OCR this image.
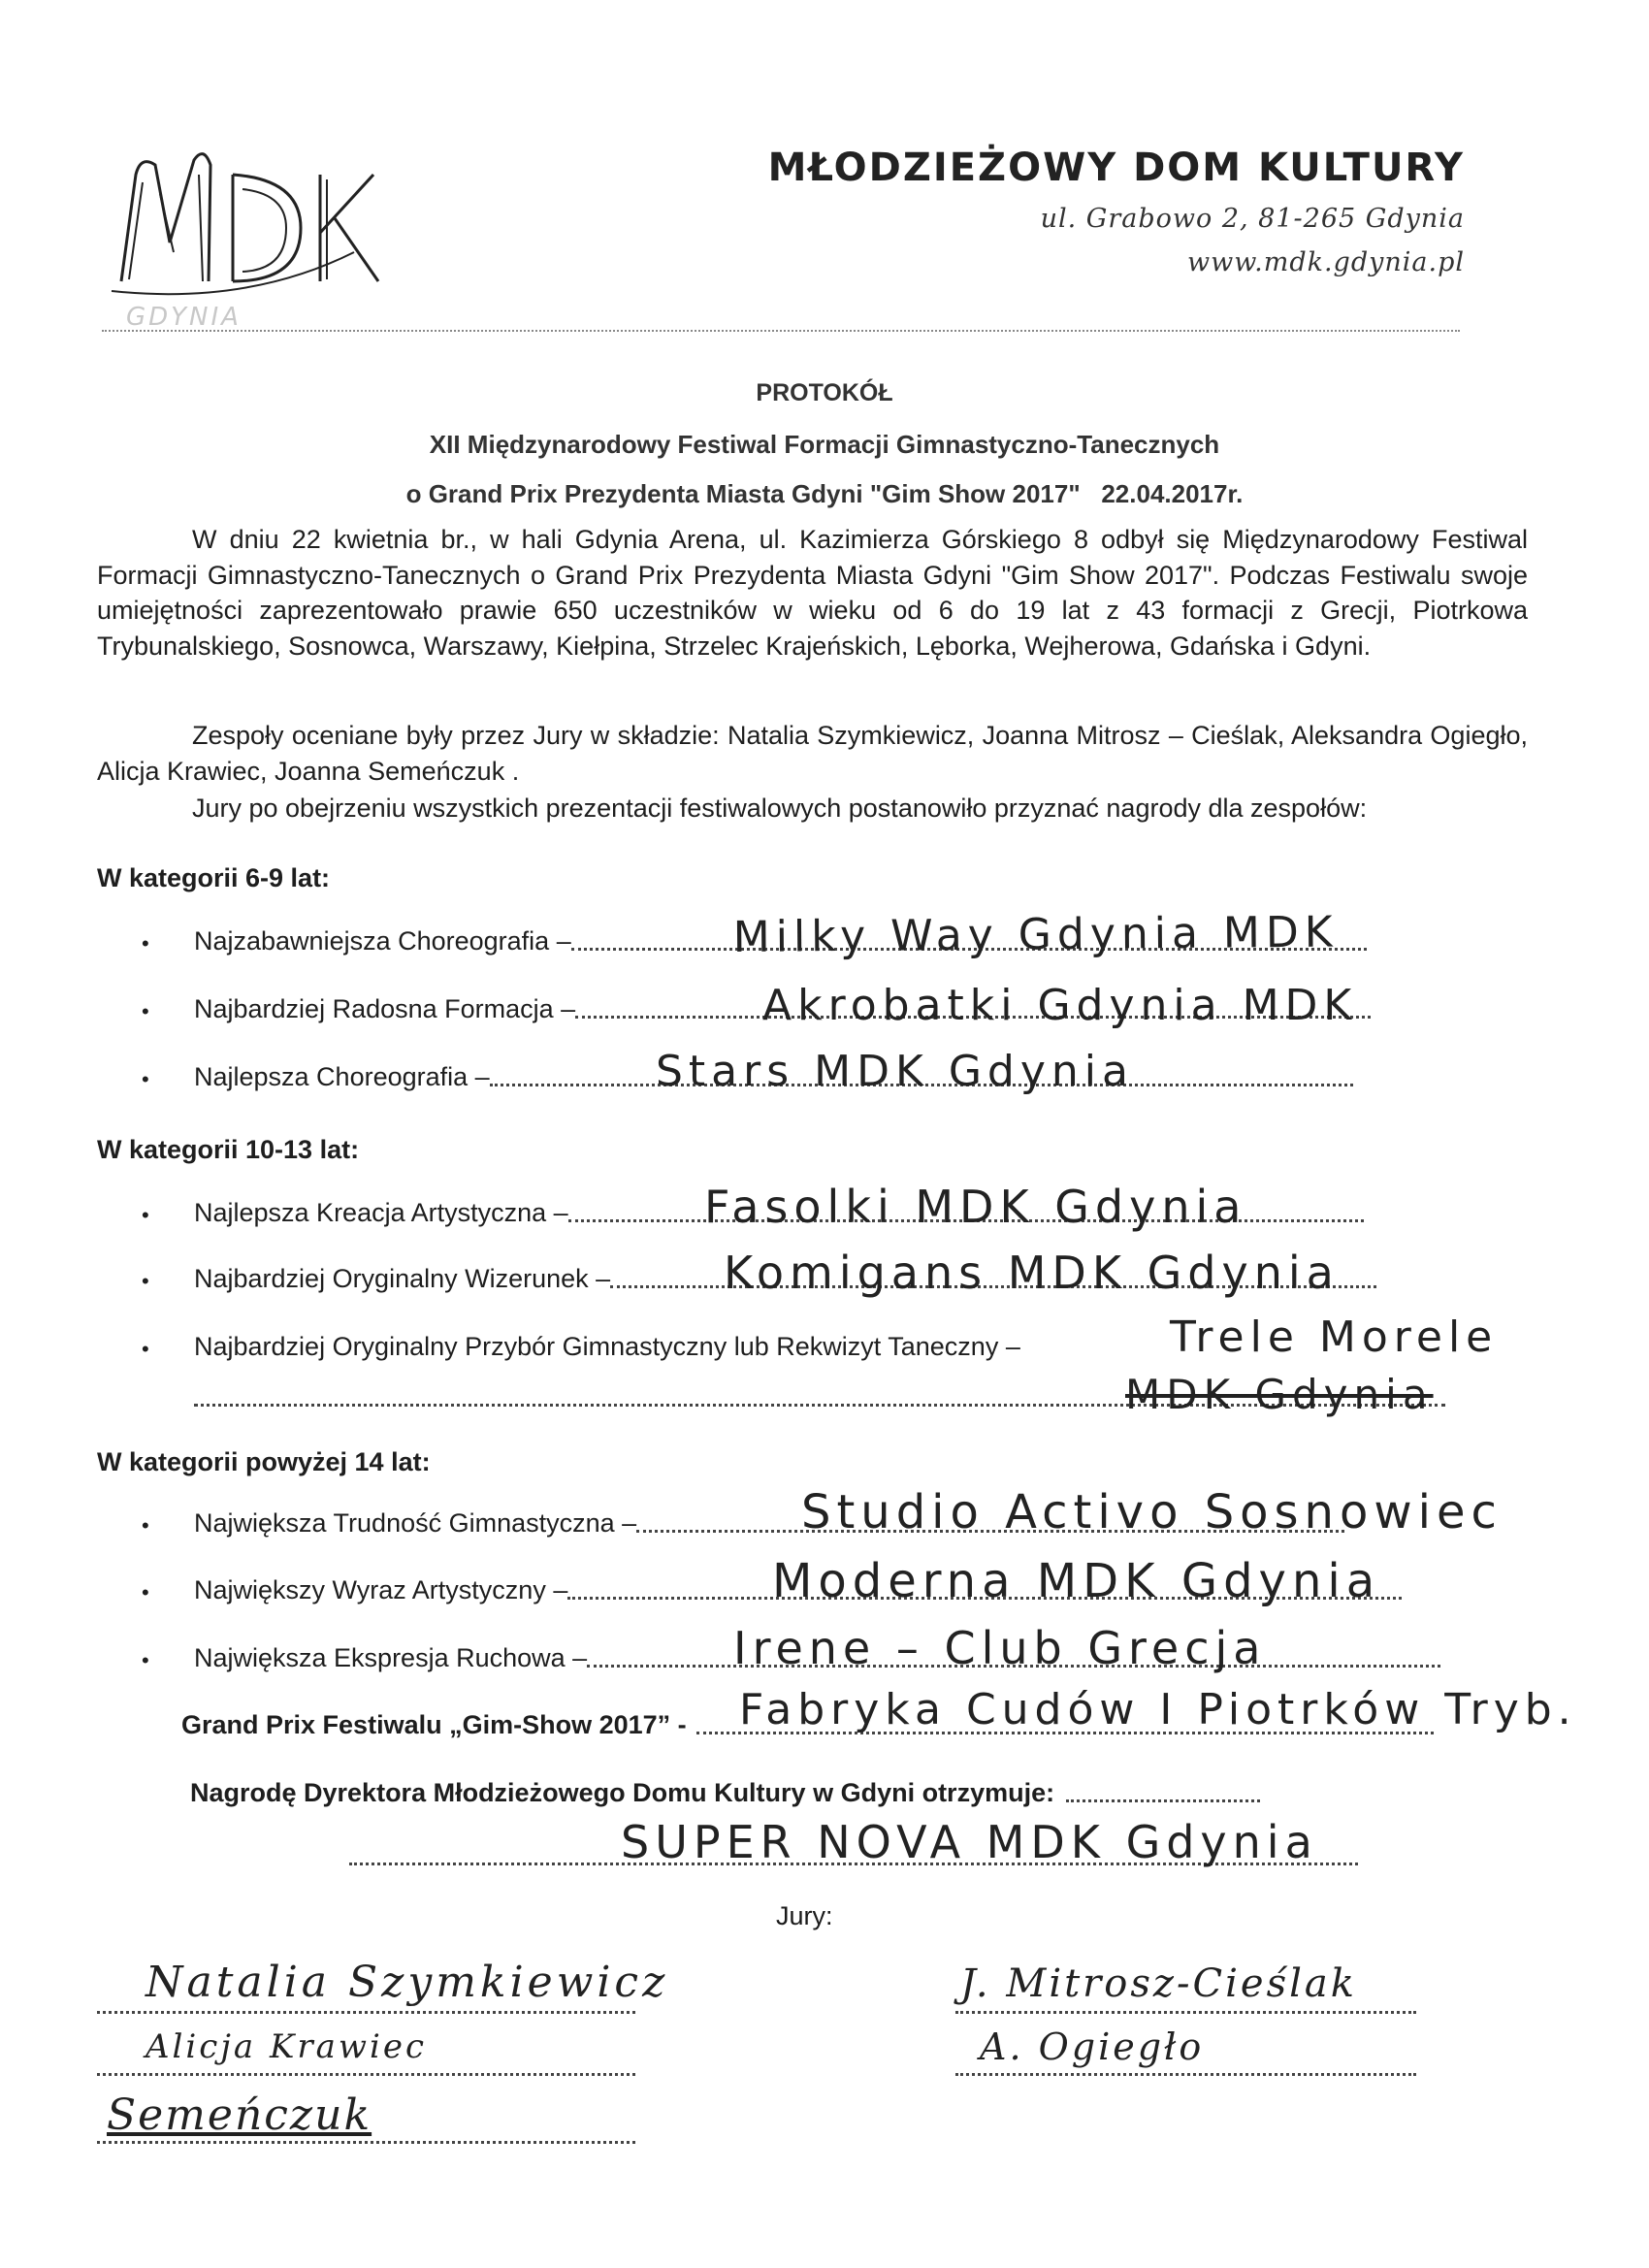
GDYNIA
MŁODZIEŻOWY DOM KULTURY
ul. Grabowo 2, 81-265 Gdynia
www.mdk.gdynia.pl
PROTOKÓŁ
XII Międzynarodowy Festiwal Formacji Gimnastyczno-Tanecznych
o Grand Prix Prezydenta Miasta Gdyni "Gim Show 2017"   22.04.2017r.

W dniu 22 kwietnia br., w hali Gdynia Arena, ul. Kazimierza Górskiego 8 odbył się Międzynarodowy Festiwal Formacji Gimnastyczno-Tanecznych o Grand Prix Prezydenta Miasta Gdyni "Gim Show 2017". Podczas Festiwalu swoje umiejętności zaprezentowało prawie 650 uczestników w wieku od 6 do 19 lat z 43 formacji z Grecji, Piotrkowa Trybunalskiego, Sosnowca, Warszawy, Kiełpina, Strzelec Krajeńskich, Lęborka, Wejherowa, Gdańska i Gdyni.

Zespoły oceniane były przez Jury w składzie: Natalia Szymkiewicz, Joanna Mitrosz – Cieślak, Aleksandra Ogiegło, Alicja Krawiec, Joanna Semeńczuk .

Jury po obejrzeniu wszystkich prezentacji festiwalowych postanowiło przyznać nagrody dla zespołów:

W kategorii 6-9 lat:
•	Najzabawniejsza Choreografia –	Milky Way Gdynia MDK
•	Najbardziej Radosna Formacja –	Akrobatki Gdynia MDK
•	Najlepsza Choreografia –	Stars MDK Gdynia
W kategorii 10-13 lat:
•	Najlepsza Kreacja Artystyczna –	Fasolki MDK Gdynia
•	Najbardziej Oryginalny Wizerunek –	Komigans MDK Gdynia
•	Najbardziej Oryginalny Przybór Gimnastyczny lub Rekwizyt Taneczny –	Trele Morele
MDK Gdynia
W kategorii powyżej 14 lat:
•	Największa Trudność Gimnastyczna –	Studio Activo Sosnowiec
•	Największy Wyraz Artystyczny –	Moderna MDK Gdynia
•	Największa Ekspresja Ruchowa –	Irene – Club Grecja
Grand Prix Festiwalu „Gim-Show 2017” - Fabryka Cudów I Piotrków Tryb.
Nagrodę Dyrektora Młodzieżowego Domu Kultury w Gdyni otrzymuje:
SUPER NOVA MDK Gdynia
Jury:
Natalia Szymkiewicz
Alicja Krawiec
Semeńczuk
J. Mitrosz-Cieślak
A. Ogiegło
